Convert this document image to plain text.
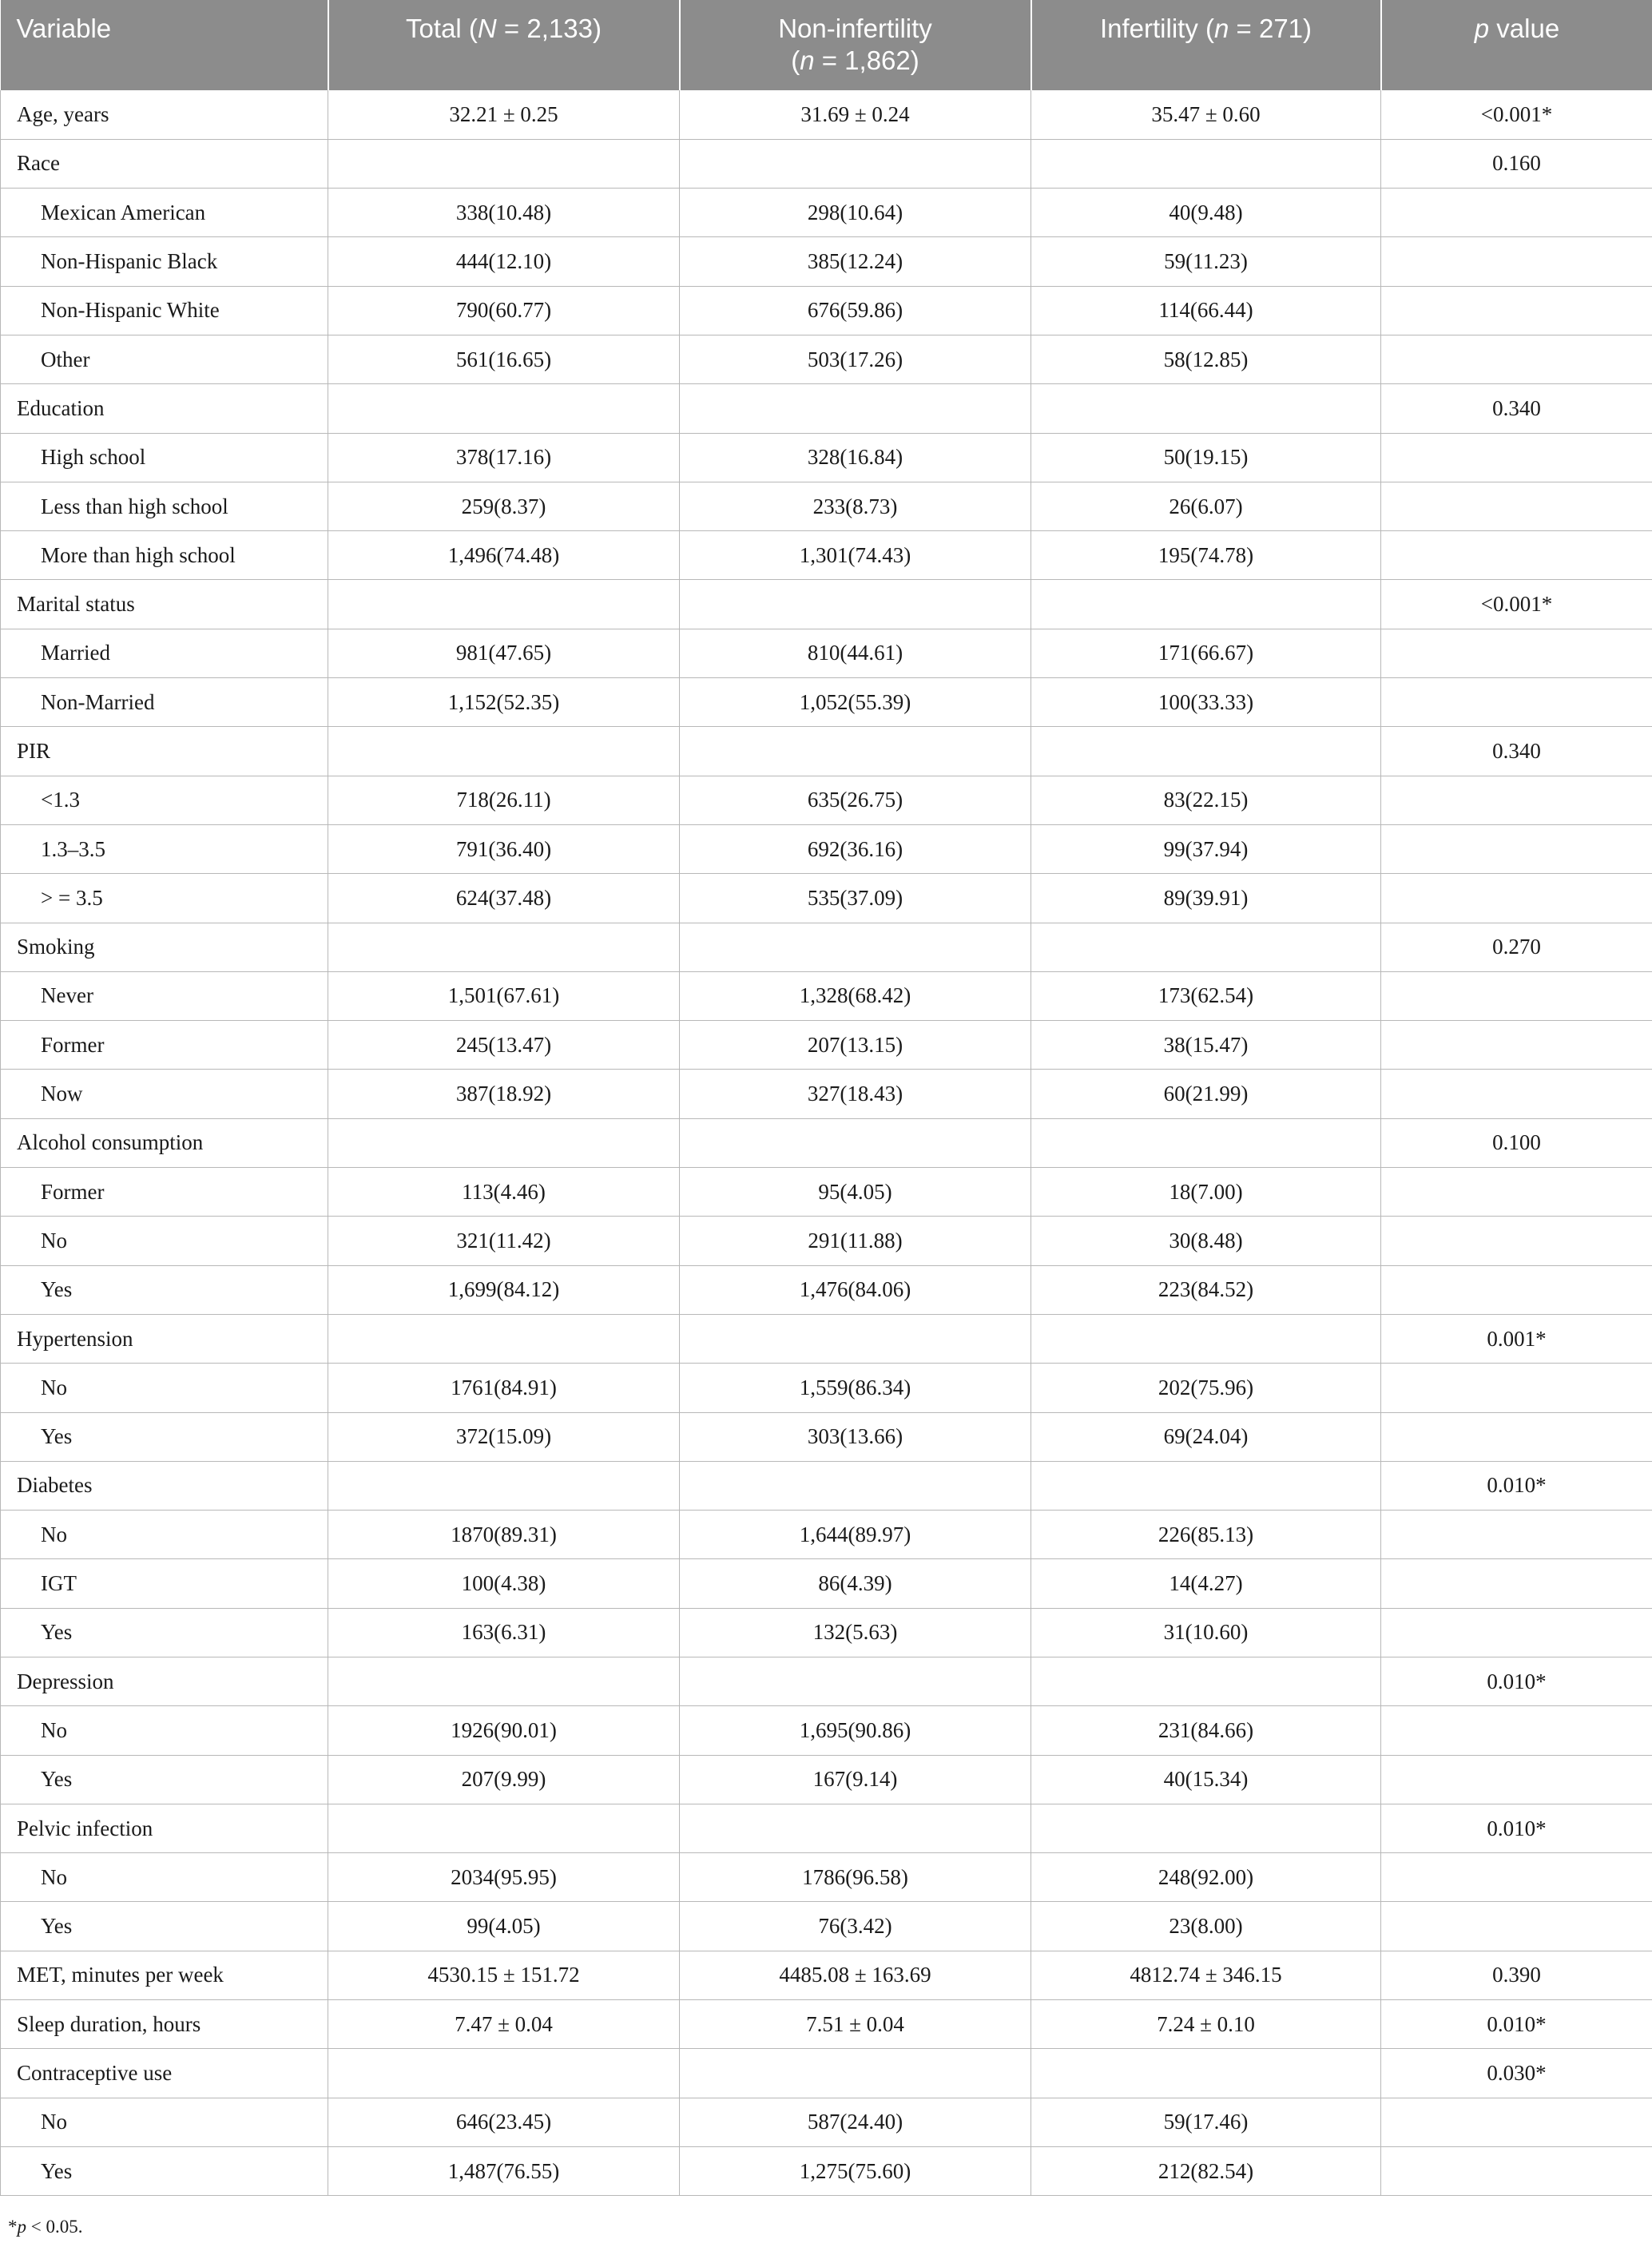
Variable	Total (N = 2,133)	Non-infertility
(n = 1,862)	Infertility (n = 271)	p value

Age, years	32.21 ± 0.25	31.69 ± 0.24	35.47 ± 0.60	<0.001*
Race				0.160
Mexican American	338(10.48)	298(10.64)	40(9.48)	
Non-Hispanic Black	444(12.10)	385(12.24)	59(11.23)	
Non-Hispanic White	790(60.77)	676(59.86)	114(66.44)	
Other	561(16.65)	503(17.26)	58(12.85)	
Education				0.340
High school	378(17.16)	328(16.84)	50(19.15)	
Less than high school	259(8.37)	233(8.73)	26(6.07)	
More than high school	1,496(74.48)	1,301(74.43)	195(74.78)	
Marital status				<0.001*
Married	981(47.65)	810(44.61)	171(66.67)	
Non-Married	1,152(52.35)	1,052(55.39)	100(33.33)	
PIR				0.340
<1.3	718(26.11)	635(26.75)	83(22.15)	
1.3–3.5	791(36.40)	692(36.16)	99(37.94)	
> = 3.5	624(37.48)	535(37.09)	89(39.91)	
Smoking				0.270
Never	1,501(67.61)	1,328(68.42)	173(62.54)	
Former	245(13.47)	207(13.15)	38(15.47)	
Now	387(18.92)	327(18.43)	60(21.99)	
Alcohol consumption				0.100
Former	113(4.46)	95(4.05)	18(7.00)	
No	321(11.42)	291(11.88)	30(8.48)	
Yes	1,699(84.12)	1,476(84.06)	223(84.52)	
Hypertension				0.001*
No	1761(84.91)	1,559(86.34)	202(75.96)	
Yes	372(15.09)	303(13.66)	69(24.04)	
Diabetes				0.010*
No	1870(89.31)	1,644(89.97)	226(85.13)	
IGT	100(4.38)	86(4.39)	14(4.27)	
Yes	163(6.31)	132(5.63)	31(10.60)	
Depression				0.010*
No	1926(90.01)	1,695(90.86)	231(84.66)	
Yes	207(9.99)	167(9.14)	40(15.34)	
Pelvic infection				0.010*
No	2034(95.95)	1786(96.58)	248(92.00)	
Yes	99(4.05)	76(3.42)	23(8.00)	
MET, minutes per week	4530.15 ± 151.72	4485.08 ± 163.69	4812.74 ± 346.15	0.390
Sleep duration, hours	7.47 ± 0.04	7.51 ± 0.04	7.24 ± 0.10	0.010*
Contraceptive use				0.030*
No	646(23.45)	587(24.40)	59(17.46)	
Yes	1,487(76.55)	1,275(75.60)	212(82.54)	
*p < 0.05.
